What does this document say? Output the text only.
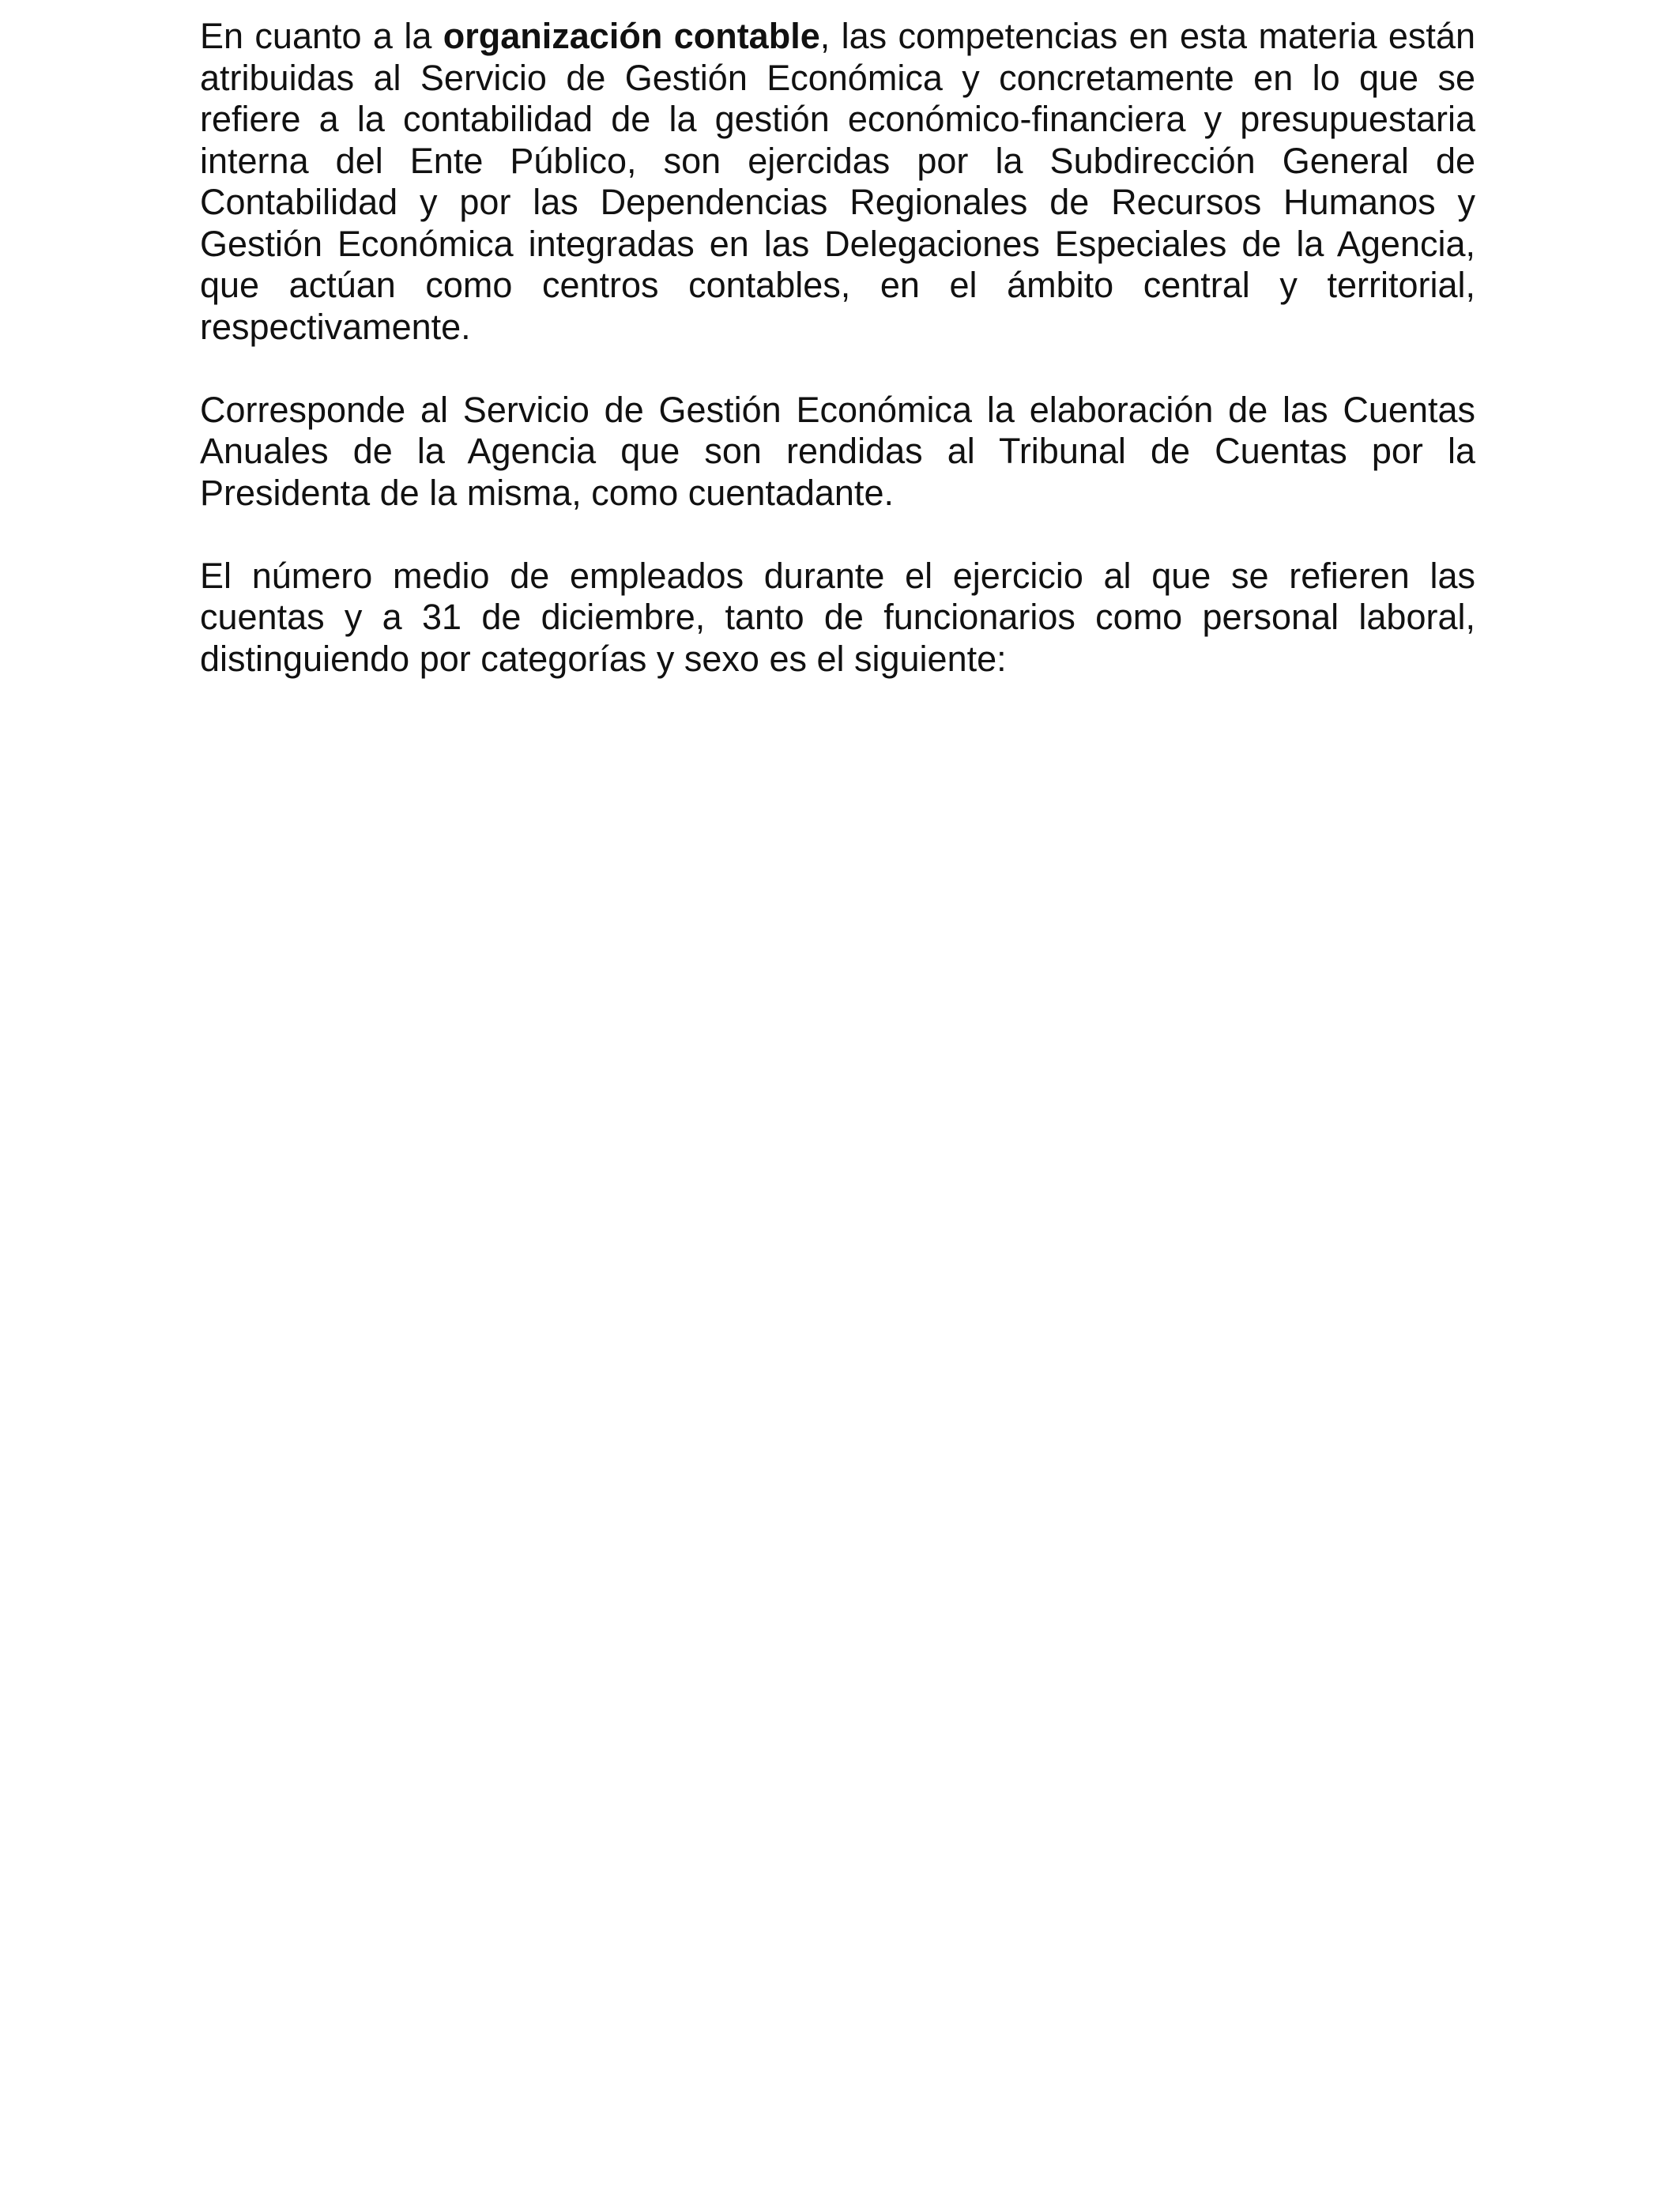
En cuanto a la organización contable, las competencias en esta materia están atribuidas al Servicio de Gestión Económica y concretamente en lo que se refiere a la contabilidad de la gestión económico-financiera y presupuestaria interna del Ente Público, son ejercidas por la Subdirección General de Contabilidad y por las Dependencias Regionales de Recursos Humanos y Gestión Económica integradas en las Delegaciones Especiales de la Agencia, que actúan como centros contables, en el ámbito central y territorial, respectivamente.

Corresponde al Servicio de Gestión Económica la elaboración de las Cuentas Anuales de la Agencia que son rendidas al Tribunal de Cuentas por la Presidenta de la misma, como cuentadante.

El número medio de empleados durante el ejercicio al que se refieren las cuentas y a 31 de diciembre, tanto de funcionarios como personal laboral, distinguiendo por categorías y sexo es el siguiente:
